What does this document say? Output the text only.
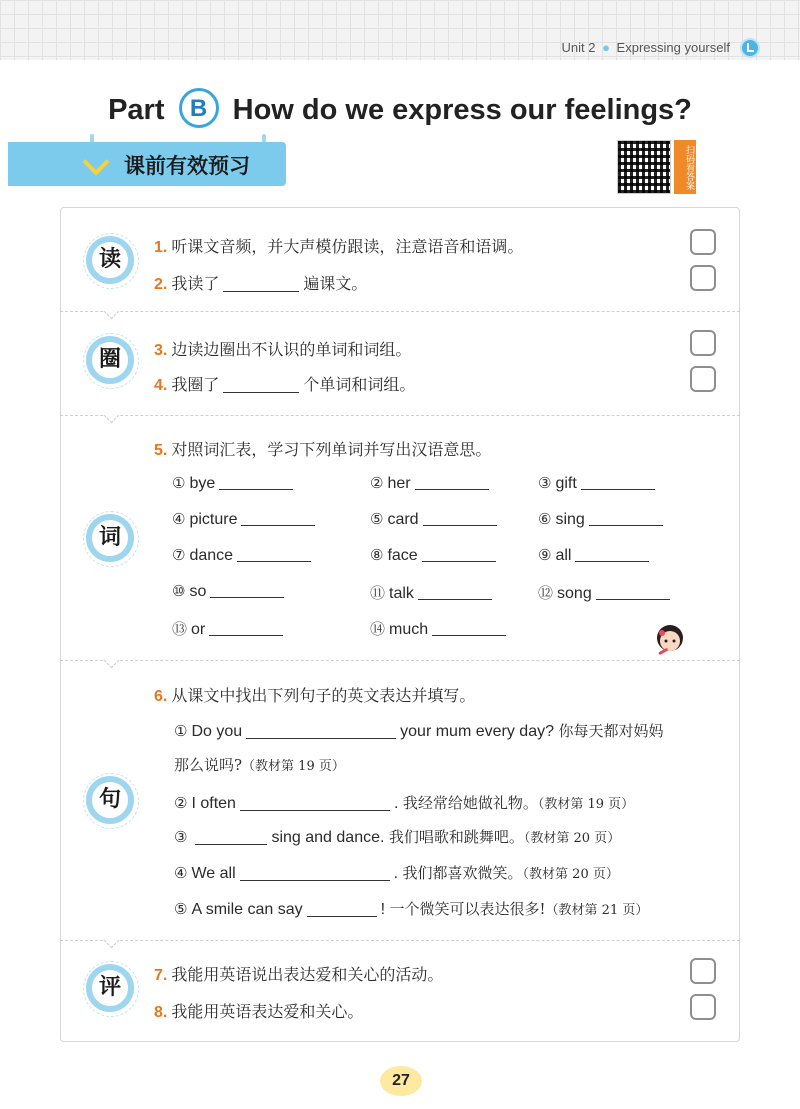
Unit 2 ● Expressing yourself
Part B How do we express our feelings?
课前有效预习	扫码看答案
读	1. 听课文音频，并大声模仿跟读，注意语音和语调。
2. 我读了	遍课文。
圈	3. 边读边圈出不认识的单词和词组。
4. 我圈了	个单词和词组。
5. 对照词汇表，学习下列单词并写出汉语意思。
词
① bye	② her	③ gift
④ picture	⑤ card	⑥ sing
⑦ dance	⑧ face	⑨ all
⑩ so	⑪ talk	⑫ song
⑬ or	⑭ much
6. 从课文中找出下列句子的英文表达并填写。
句
① Do you	your mum every day? 你每天都对妈妈
那么说吗?（教材第 19 页）
② I often	. 我经常给她做礼物。（教材第 19 页）
③	sing and dance. 我们唱歌和跳舞吧。（教材第 20 页）
④ We all	. 我们都喜欢微笑。（教材第 20 页）
⑤ A smile can say	! 一个微笑可以表达很多!（教材第 21 页）
评	7. 我能用英语说出表达爱和关心的活动。
8. 我能用英语表达爱和关心。
27
